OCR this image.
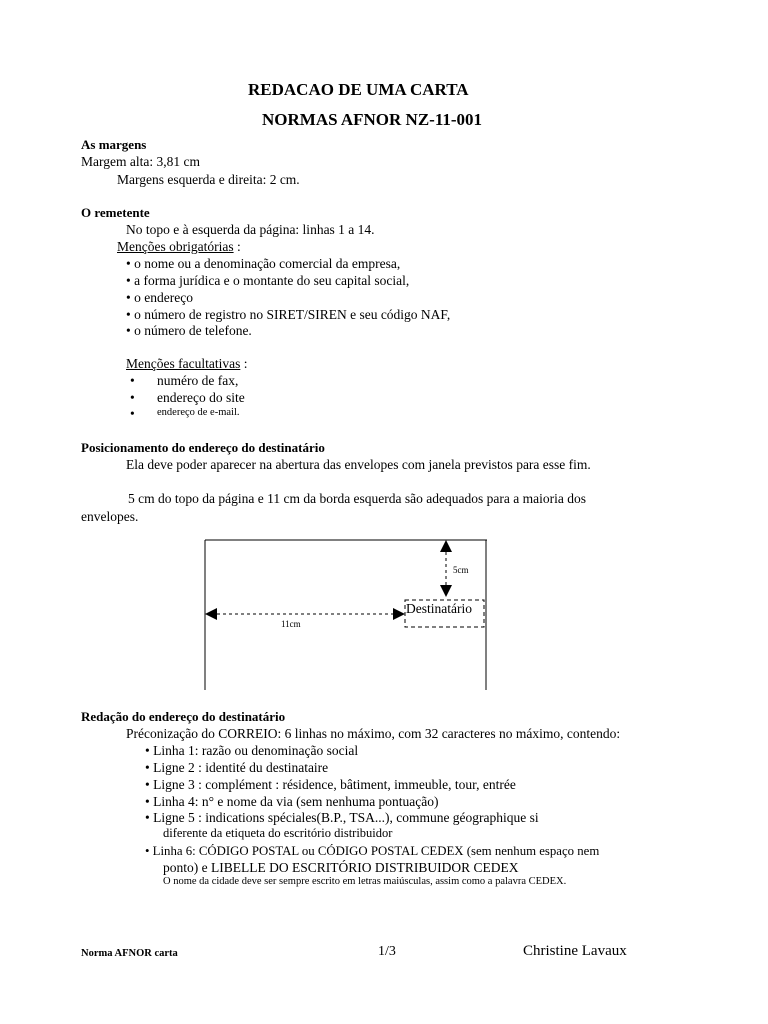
REDACAO DE UMA CARTA
NORMAS AFNOR NZ-11-001
As margens
Margem alta: 3,81 cm
Margens esquerda e direita: 2 cm.
O remetente
No topo e à esquerda da página: linhas 1 a 14.
Menções obrigatórias :
• o nome ou a denominação comercial da empresa,
• a forma jurídica e o montante do seu capital social,
• o endereço
• o número de registro no SIRET/SIREN e seu código NAF,
• o número de telefone.
Menções facultativas :
• numéro de fax,
• endereço do site
• endereço de e-mail.
Posicionamento do endereço do destinatário
Ela deve poder aparecer na abertura das envelopes com janela previstos para esse fim.
5 cm do topo da página e 11 cm da borda esquerda são adequados para a maioria dos
envelopes.
5cm
11cm
Destinatário
Redação do endereço do destinatário
Préconização do CORREIO: 6 linhas no máximo, com 32 caracteres no máximo, contendo:
• Linha 1: razão ou denominação social
• Ligne 2 : identité du destinataire
• Ligne 3 : complément : résidence, bâtiment, immeuble, tour, entrée
• Linha 4: n° e nome da via (sem nenhuma pontuação)
• Ligne 5 : indications spéciales(B.P., TSA...), commune géographique si
diferente da etiqueta do escritório distribuidor
• Linha 6: CÓDIGO POSTAL ou CÓDIGO POSTAL CEDEX (sem nenhum espaço nem
ponto) e LIBELLE DO ESCRITÓRIO DISTRIBUIDOR CEDEX
O nome da cidade deve ser sempre escrito em letras maiúsculas, assim como a palavra CEDEX.
Norma AFNOR carta	1/3	Christine Lavaux
